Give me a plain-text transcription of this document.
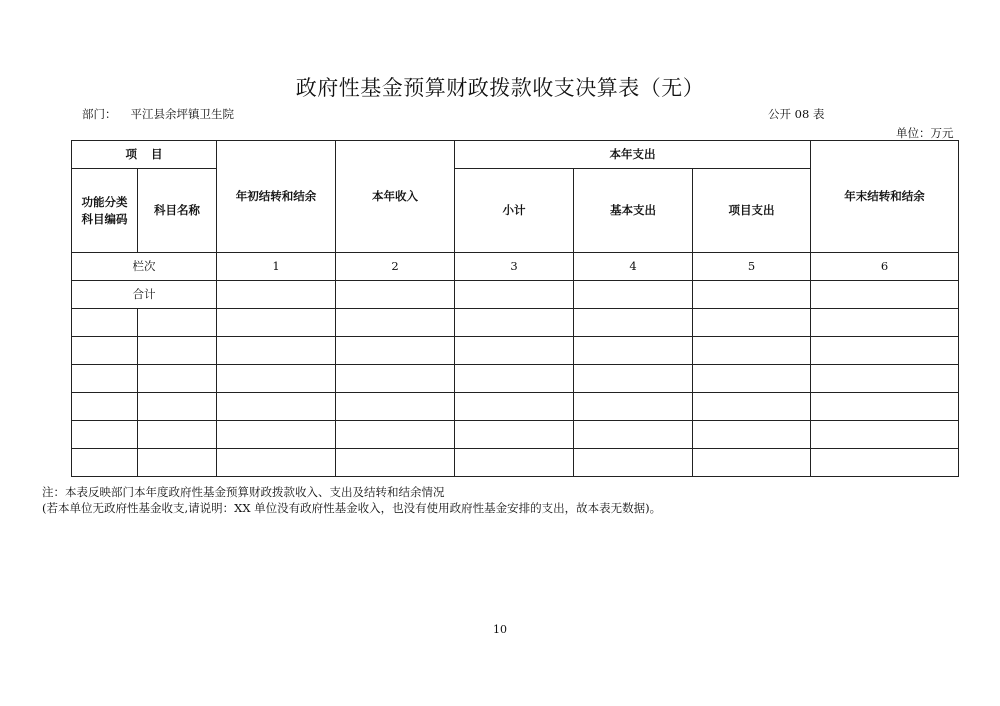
政府性基金预算财政拨款收支决算表（无）
部门： 平江县余坪镇卫生院	公开 08 表
单位：万元
项目		年初结转和结余	本年收入	本年支出			年末结转和结余
功能分类科目编码	科目名称			小计	基本支出	项目支出	
栏次		1	2	3	4	5	6
合计							

注：本表反映部门本年度政府性基金预算财政拨款收入、支出及结转和结余情况
(若本单位无政府性基金收支,请说明：XX 单位没有政府性基金收入，也没有使用政府性基金安排的支出，故本表无数据)。
10
